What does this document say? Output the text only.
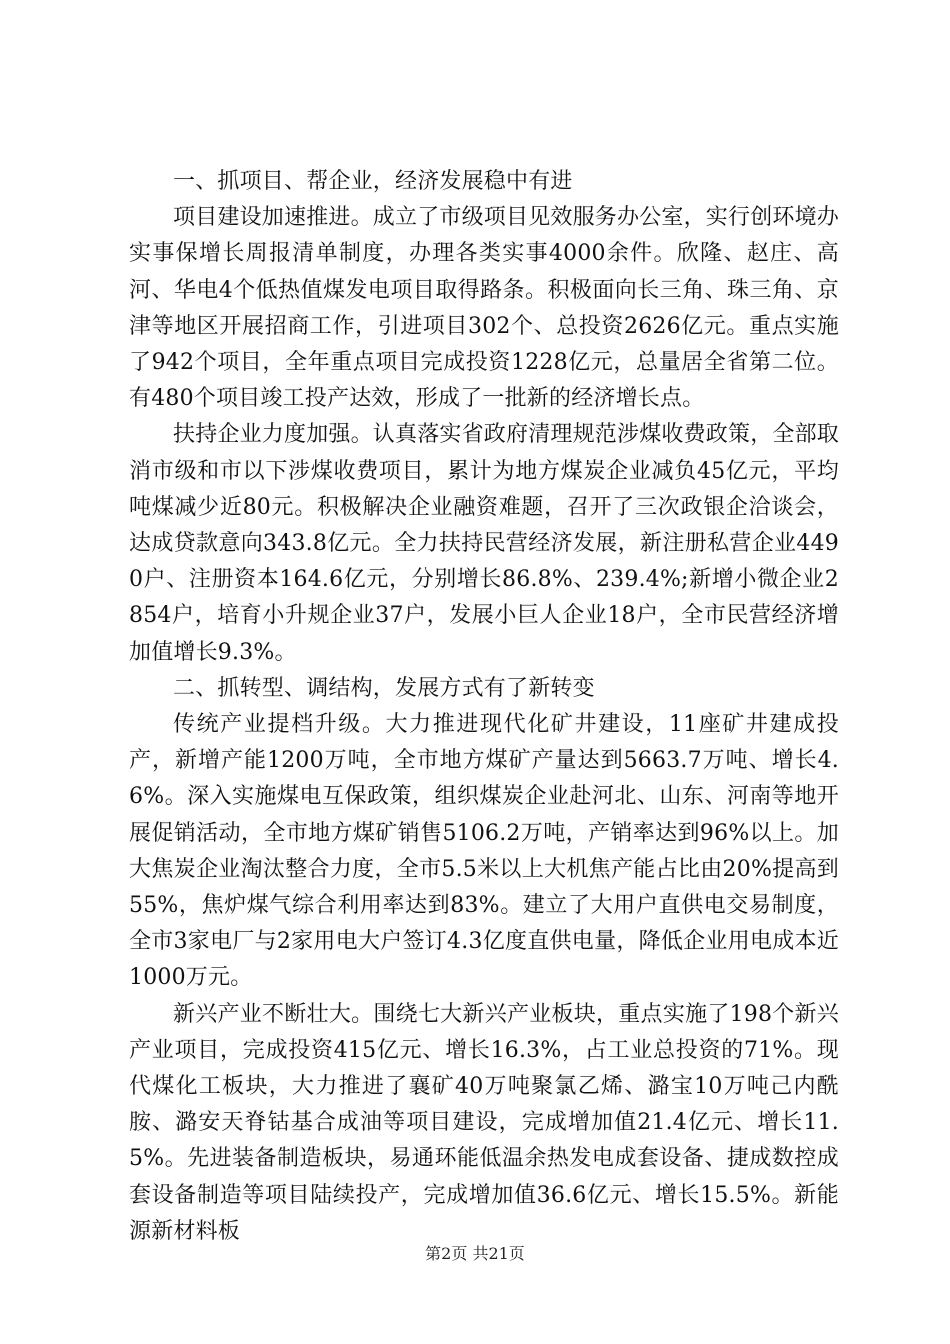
一、抓项目、帮企业，经济发展稳中有进

项目建设加速推进。成立了市级项目见效服务办公室，实行创环境办实事保增长周报清单制度，办理各类实事4000余件。欣隆、赵庄、高河、华电4个低热值煤发电项目取得路条。积极面向长三角、珠三角、京津等地区开展招商工作，引进项目302个、总投资2626亿元。重点实施了942个项目，全年重点项目完成投资1228亿元，总量居全省第二位。有480个项目竣工投产达效，形成了一批新的经济增长点。

扶持企业力度加强。认真落实省政府清理规范涉煤收费政策，全部取消市级和市以下涉煤收费项目，累计为地方煤炭企业减负45亿元，平均吨煤减少近80元。积极解决企业融资难题，召开了三次政银企洽谈会，达成贷款意向343.8亿元。全力扶持民营经济发展，新注册私营企业4490户、注册资本164.6亿元，分别增长86.8%、239.4%;新增小微企业2854户，培育小升规企业37户，发展小巨人企业18户，全市民营经济增加值增长9.3%。

二、抓转型、调结构，发展方式有了新转变

传统产业提档升级。大力推进现代化矿井建设，11座矿井建成投产，新增产能1200万吨，全市地方煤矿产量达到5663.7万吨、增长4.6%。深入实施煤电互保政策，组织煤炭企业赴河北、山东、河南等地开展促销活动，全市地方煤矿销售5106.2万吨，产销率达到96%以上。加大焦炭企业淘汰整合力度，全市5.5米以上大机焦产能占比由20%提高到55%，焦炉煤气综合利用率达到83%。建立了大用户直供电交易制度，全市3家电厂与2家用电大户签订4.3亿度直供电量，降低企业用电成本近1000万元。

新兴产业不断壮大。围绕七大新兴产业板块，重点实施了198个新兴产业项目，完成投资415亿元、增长16.3%，占工业总投资的71%。现代煤化工板块，大力推进了襄矿40万吨聚氯乙烯、潞宝10万吨己内酰胺、潞安天脊钴基合成油等项目建设，完成增加值21.4亿元、增长11.5%。先进装备制造板块，易通环能低温余热发电成套设备、捷成数控成套设备制造等项目陆续投产，完成增加值36.6亿元、增长15.5%。新能源新材料板

第2页 共21页
